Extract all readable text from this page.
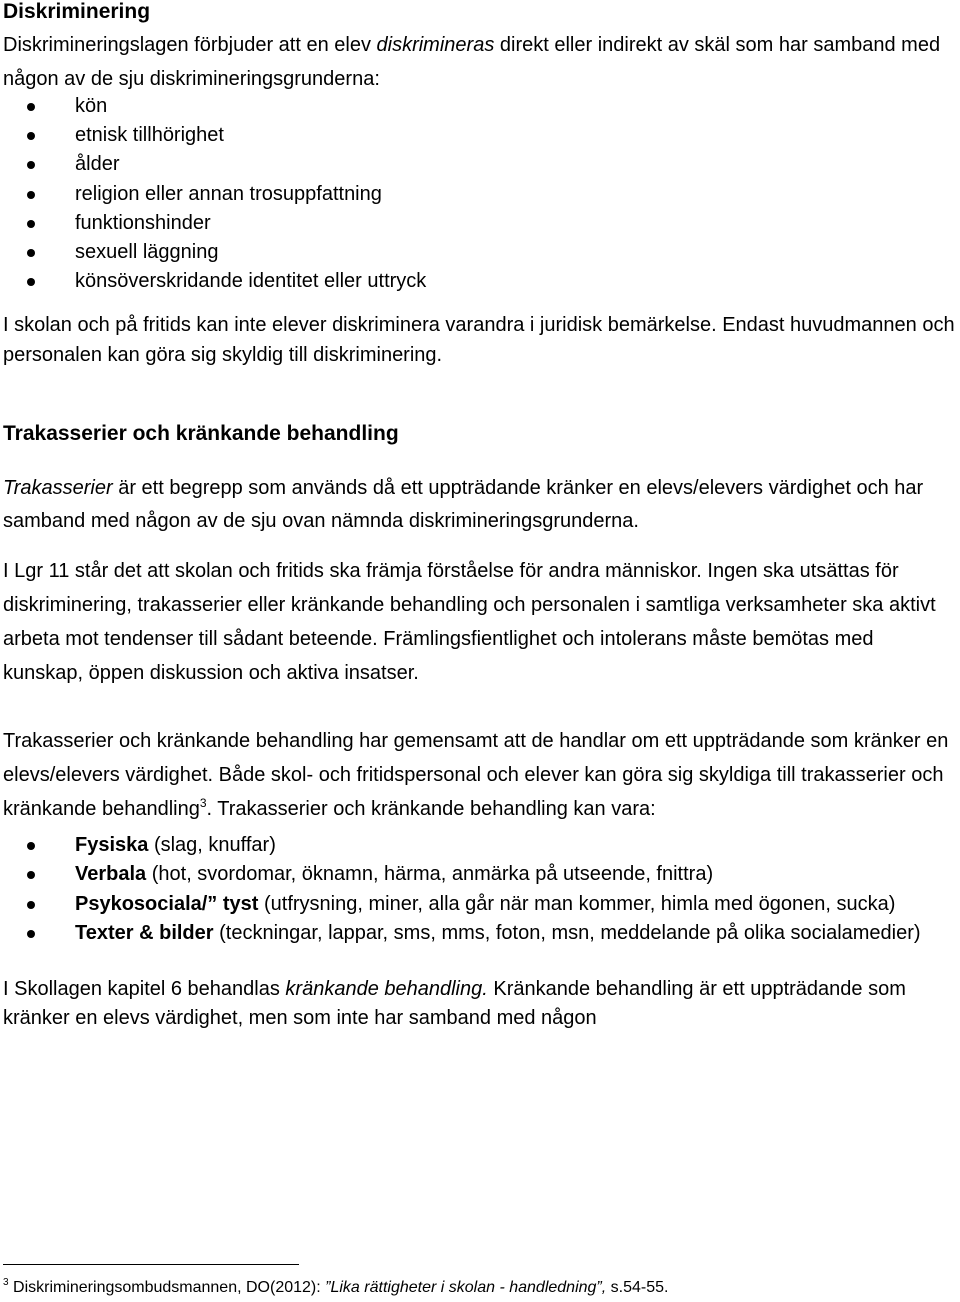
Diskriminering

Diskrimineringslagen förbjuder att en elev diskrimineras direkt eller indirekt av skäl som har samband med någon av de sju diskrimineringsgrunderna:

kön
etnisk tillhörighet
ålder
religion eller annan trosuppfattning
funktionshinder
sexuell läggning
könsöverskridande identitet eller uttryck

I skolan och på fritids kan inte elever diskriminera varandra i juridisk bemärkelse. Endast huvudmannen och personalen kan göra sig skyldig till diskriminering.

Trakasserier och kränkande behandling

Trakasserier är ett begrepp som används då ett uppträdande kränker en elevs/elevers värdighet och har samband med någon av de sju ovan nämnda diskrimineringsgrunderna.

I Lgr 11 står det att skolan och fritids ska främja förståelse för andra människor. Ingen ska utsättas för diskriminering, trakasserier eller kränkande behandling och personalen i samtliga verksamheter ska aktivt arbeta mot tendenser till sådant beteende. Främlingsfientlighet och intolerans måste bemötas med kunskap, öppen diskussion och aktiva insatser.

Trakasserier och kränkande behandling har gemensamt att de handlar om ett uppträdande som kränker en elevs/elevers värdighet. Både skol- och fritidspersonal och elever kan göra sig skyldiga till trakasserier och kränkande behandling$^3$. Trakasserier och kränkande behandling kan vara:

Fysiska (slag, knuffar)
Verbala (hot, svordomar, öknamn, härma, anmärka på utseende, fnittra)
Psykosociala/” tyst (utfrysning, miner, alla går när man kommer, himla med ögonen, sucka)
Texter & bilder (teckningar, lappar, sms, mms, foton, msn, meddelande på olika socialamedier)

I Skollagen kapitel 6 behandlas kränkande behandling. Kränkande behandling är ett uppträdande som kränker en elevs värdighet, men som inte har samband med någon

$^3$ Diskrimineringsombudsmannen, DO(2012): ”Lika rättigheter i skolan - handledning”, s.54-55.
